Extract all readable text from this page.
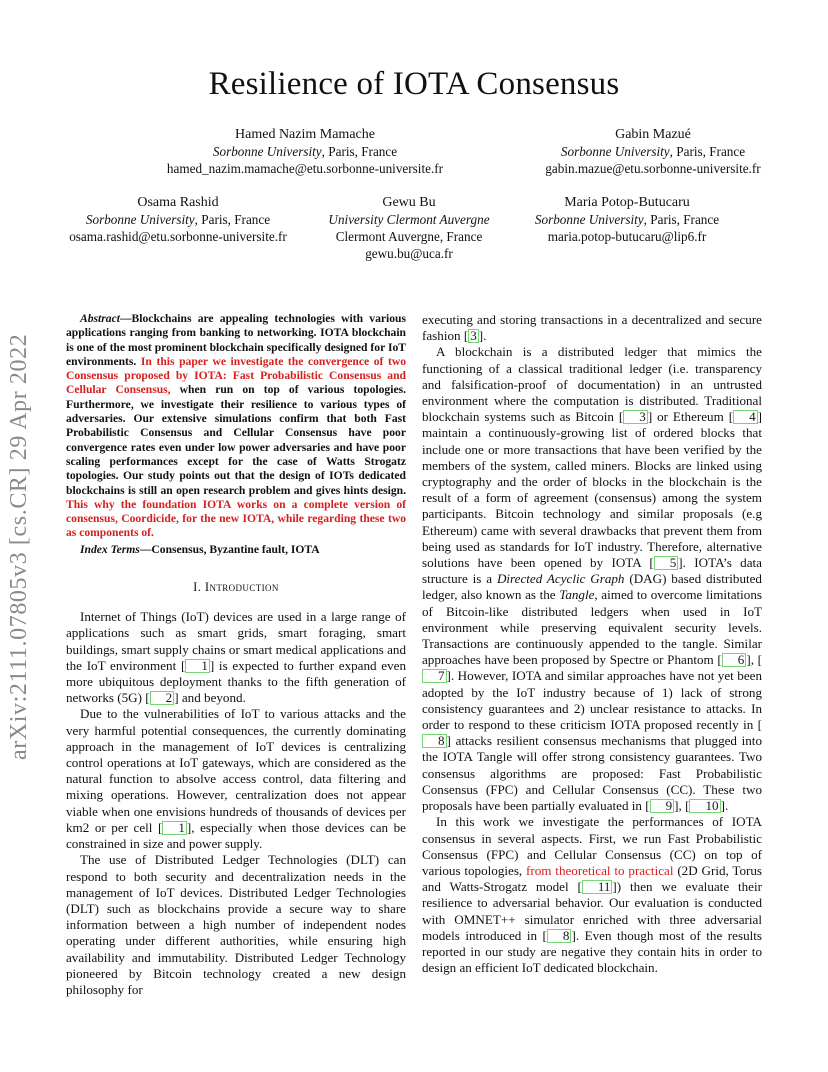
arXiv:2111.07805v3 [cs.CR] 29 Apr 2022
Resilience of IOTA Consensus
Hamed Nazim Mamache
Sorbonne University, Paris, France
hamed_nazim.mamache@etu.sorbonne-universite.fr
Gabin Mazué
Sorbonne University, Paris, France
gabin.mazue@etu.sorbonne-universite.fr
Osama Rashid
Sorbonne University, Paris, France
osama.rashid@etu.sorbonne-universite.fr
Gewu Bu
University Clermont Auvergne
Clermont Auvergne, France
gewu.bu@uca.fr
Maria Potop-Butucaru
Sorbonne University, Paris, France
maria.potop-butucaru@lip6.fr

Abstract—Blockchains are appealing technologies with various applications ranging from banking to networking. IOTA blockchain is one of the most prominent blockchain specifically designed for IoT environments. In this paper we investigate the convergence of two Consensus proposed by IOTA: Fast Probabilistic Consensus and Cellular Consensus, when run on top of various topologies. Furthermore, we investigate their resilience to various types of adversaries. Our extensive simulations confirm that both Fast Probabilistic Consensus and Cellular Consensus have poor convergence rates even under low power adversaries and have poor scaling performances except for the case of Watts Strogatz topologies. Our study points out that the design of IOTs dedicated blockchains is still an open research problem and gives hints design. This why the foundation IOTA works on a complete version of consensus, Coordicide, for the new IOTA, while regarding these two as components of.

Index Terms—Consensus, Byzantine fault, IOTA

I. Introduction

Internet of Things (IoT) devices are used in a large range of applications such as smart grids, smart foraging, smart buildings, smart supply chains or smart medical applications and the IoT environment [ 1 ] is expected to further expand even more ubiquitous deployment thanks to the fifth generation of networks (5G) [ 2 ] and beyond.

Due to the vulnerabilities of IoT to various attacks and the very harmful potential consequences, the currently dominating approach in the management of IoT devices is centralizing control operations at IoT gateways, which are considered as the natural function to absolve access control, data filtering and mixing operations. However, centralization does not appear viable when one envisions hundreds of thousands of devices per km2 or per cell [ 1 ], especially when those devices can be constrained in size and power supply.

The use of Distributed Ledger Technologies (DLT) can respond to both security and decentralization needs in the management of IoT devices. Distributed Ledger Technologies (DLT) such as blockchains provide a secure way to share information between a high number of independent nodes operating under different authorities, while ensuring high availability and immutability. Distributed Ledger Technology pioneered by Bitcoin technology created a new design philosophy for

executing and storing transactions in a decentralized and secure fashion [ 3 ].

A blockchain is a distributed ledger that mimics the functioning of a classical traditional ledger (i.e. transparency and falsification-proof of documentation) in an untrusted environment where the computation is distributed. Traditional blockchain systems such as Bitcoin [ 3 ] or Ethereum [ 4 ] maintain a continuously-growing list of ordered blocks that include one or more transactions that have been verified by the members of the system, called miners. Blocks are linked using cryptography and the order of blocks in the blockchain is the result of a form of agreement (consensus) among the system participants. Bitcoin technology and similar proposals (e.g Ethereum) came with several drawbacks that prevent them from being used as standards for IoT industry. Therefore, alternative solutions have been opened by IOTA [ 5 ]. IOTA’s data structure is a Directed Acyclic Graph (DAG) based distributed ledger, also known as the Tangle, aimed to overcome limitations of Bitcoin-like distributed ledgers when used in IoT environment while preserving equivalent security levels. Transactions are continuously appended to the tangle. Similar approaches have been proposed by Spectre or Phantom [ 6 ], [7 ]. However, IOTA and similar approaches have not yet been adopted by the IoT industry because of 1) lack of strong consistency guarantees and 2) unclear resistance to attacks. In order to respond to these criticism IOTA proposed recently in [8 ] attacks resilient consensus mechanisms that plugged into the IOTA Tangle will offer strong consistency guarantees. Two consensus algorithms are proposed: Fast Probabilistic Consensus (FPC) and Cellular Consensus (CC). These two proposals have been partially evaluated in [ 9 ], [ 10 ].

In this work we investigate the performances of IOTA consensus in several aspects. First, we run Fast Probabilistic Consensus (FPC) and Cellular Consensus (CC) on top of various topologies, from theoretical to practical (2D Grid, Torus and Watts-Strogatz model [ 11 ]) then we evaluate their resilience to adversarial behavior. Our evaluation is conducted with OMNET++ simulator enriched with three adversarial models introduced in [ 8 ]. Even though most of the results reported in our study are negative they contain hits in order to design an efficient IoT dedicated blockchain.
